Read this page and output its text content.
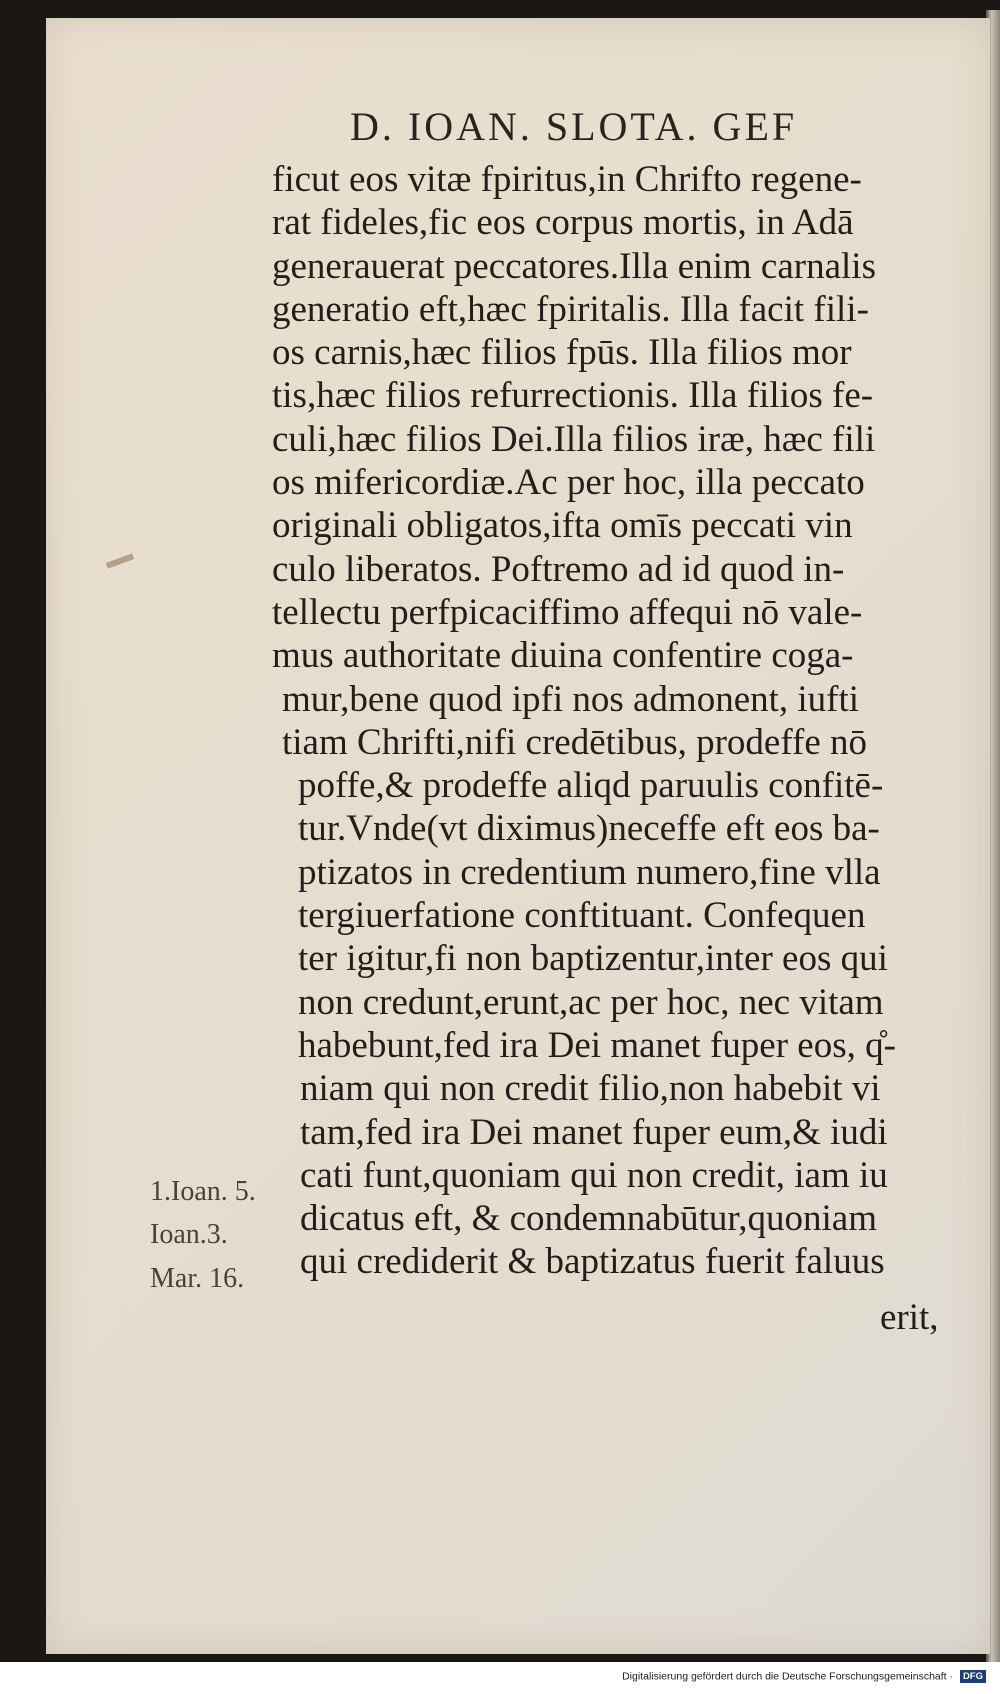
D. IOAN. SLOTA. GEF
ficut eos vitæ fpiritus,in Chrifto regene-
rat fideles,fic eos corpus mortis, in Adā
generauerat peccatores.Illa enim carnalis
generatio eft,hæc fpiritalis. Illa facit fili-
os carnis,hæc filios fpūs. Illa filios mor
tis,hæc filios refurrectionis. Illa filios fe-
culi,hæc filios Dei.Illa filios iræ, hæc fili
os mifericordiæ.Ac per hoc, illa peccato
originali obligatos,ifta omīs peccati vin
culo liberatos. Poftremo ad id quod in-
tellectu perfpicaciffimo affequi nō vale-
mus authoritate diuina confentire coga-
mur,bene quod ipfi nos admonent, iufti
tiam Chrifti,nifi credētibus, prodeffe nō
poffe,& prodeffe aliqd paruulis confitē-
tur.Vnde(vt diximus)neceffe eft eos ba-
ptizatos in credentium numero,fine vlla
tergiuerfatione conftituant. Confequen
ter igitur,fi non baptizentur,inter eos qui
non credunt,erunt,ac per hoc, nec vitam
habebunt,fed ira Dei manet fuper eos, q̊-
niam qui non credit filio,non habebit vi
tam,fed ira Dei manet fuper eum,& iudi
cati funt,quoniam qui non credit, iam iu
dicatus eft, & condemnabūtur,quoniam
qui crediderit & baptizatus fuerit faluus
erit,
1.Ioan. 5.
Ioan.3.
Mar. 16.
Digitalisierung gefördert durch die Deutsche Forschungsgemeinschaft · DFG
